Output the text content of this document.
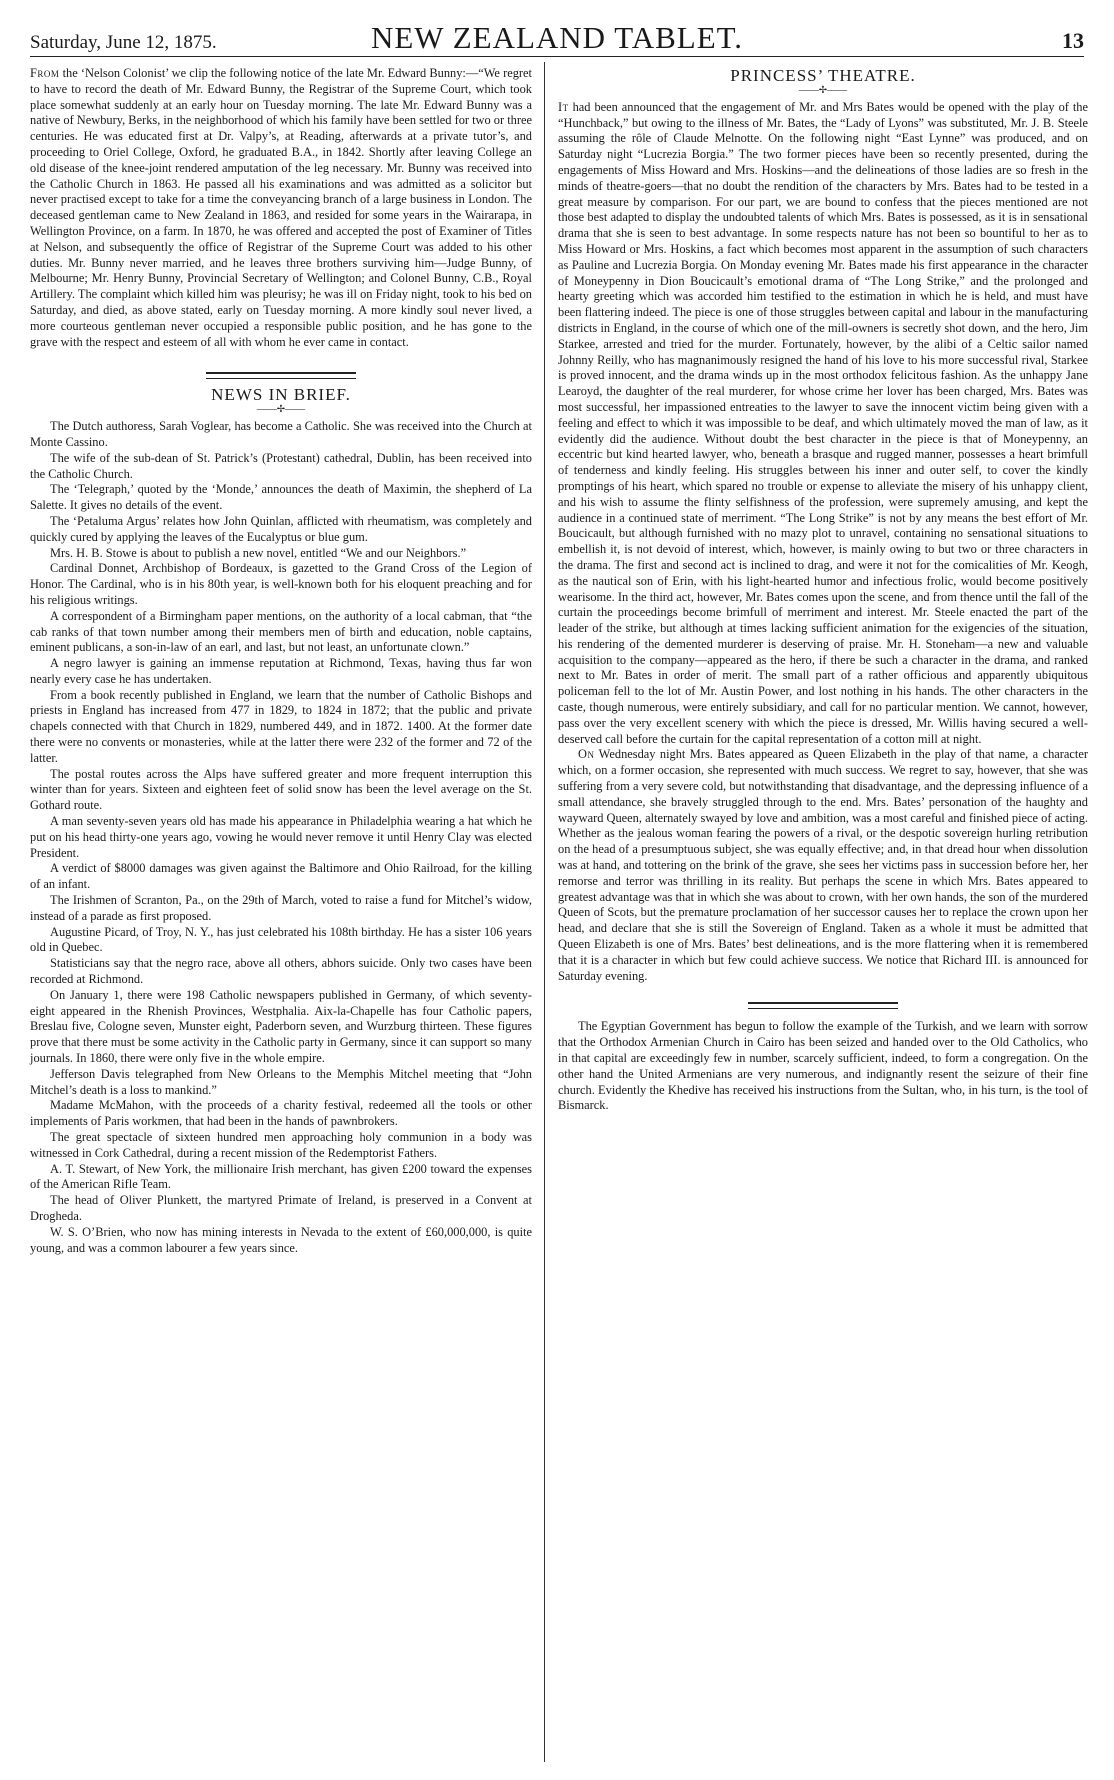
Saturday, June 12, 1875.	NEW ZEALAND TABLET.	13

From the ‘Nelson Colonist’ we clip the following notice of the late Mr. Edward Bunny:—“We regret to have to record the death of Mr. Edward Bunny, the Registrar of the Supreme Court, which took place somewhat suddenly at an early hour on Tuesday morning. The late Mr. Edward Bunny was a native of Newbury, Berks, in the neighborhood of which his family have been settled for two or three centuries. He was educated first at Dr. Valpy’s, at Reading, afterwards at a private tutor’s, and proceeding to Oriel College, Oxford, he graduated B.A., in 1842. Shortly after leaving College an old disease of the knee-joint rendered amputation of the leg necessary. Mr. Bunny was received into the Catholic Church in 1863. He passed all his examinations and was admitted as a solicitor but never practised except to take for a time the conveyancing branch of a large business in London. The deceased gentleman came to New Zealand in 1863, and resided for some years in the Wairarapa, in Wellington Province, on a farm. In 1870, he was offered and accepted the post of Examiner of Titles at Nelson, and subsequently the office of Registrar of the Supreme Court was added to his other duties. Mr. Bunny never married, and he leaves three brothers surviving him—Judge Bunny, of Melbourne; Mr. Henry Bunny, Provincial Secretary of Wellington; and Colonel Bunny, C.B., Royal Artillery. The complaint which killed him was pleurisy; he was ill on Friday night, took to his bed on Saturday, and died, as above stated, early on Tuesday morning. A more kindly soul never lived, a more courteous gentleman never occupied a responsible public position, and he has gone to the grave with the respect and esteem of all with whom he ever came in contact.

NEWS IN BRIEF.
——✢——

The Dutch authoress, Sarah Voglear, has become a Catholic. She was received into the Church at Monte Cassino.

The wife of the sub-dean of St. Patrick’s (Protestant) cathedral, Dublin, has been received into the Catholic Church.

The ‘Telegraph,’ quoted by the ‘Monde,’ announces the death of Maximin, the shepherd of La Salette. It gives no details of the event.

The ‘Petaluma Argus’ relates how John Quinlan, afflicted with rheumatism, was completely and quickly cured by applying the leaves of the Eucalyptus or blue gum.

Mrs. H. B. Stowe is about to publish a new novel, entitled “We and our Neighbors.”

Cardinal Donnet, Archbishop of Bordeaux, is gazetted to the Grand Cross of the Legion of Honor. The Cardinal, who is in his 80th year, is well-known both for his eloquent preaching and for his religious writings.

A correspondent of a Birmingham paper mentions, on the authority of a local cabman, that “the cab ranks of that town number among their members men of birth and education, noble captains, eminent publicans, a son-in-law of an earl, and last, but not least, an unfortunate clown.”

A negro lawyer is gaining an immense reputation at Richmond, Texas, having thus far won nearly every case he has undertaken.

From a book recently published in England, we learn that the number of Catholic Bishops and priests in England has increased from 477 in 1829, to 1824 in 1872; that the public and private chapels connected with that Church in 1829, numbered 449, and in 1872. 1400. At the former date there were no convents or monasteries, while at the latter there were 232 of the former and 72 of the latter.

The postal routes across the Alps have suffered greater and more frequent interruption this winter than for years. Sixteen and eighteen feet of solid snow has been the level average on the St. Gothard route.

A man seventy-seven years old has made his appearance in Philadelphia wearing a hat which he put on his head thirty-one years ago, vowing he would never remove it until Henry Clay was elected President.

A verdict of $8000 damages was given against the Baltimore and Ohio Railroad, for the killing of an infant.

The Irishmen of Scranton, Pa., on the 29th of March, voted to raise a fund for Mitchel’s widow, instead of a parade as first proposed.

Augustine Picard, of Troy, N. Y., has just celebrated his 108th birthday. He has a sister 106 years old in Quebec.

Statisticians say that the negro race, above all others, abhors suicide. Only two cases have been recorded at Richmond.

On January 1, there were 198 Catholic newspapers published in Germany, of which seventy-eight appeared in the Rhenish Provinces, Westphalia. Aix-la-Chapelle has four Catholic papers, Breslau five, Cologne seven, Munster eight, Paderborn seven, and Wurzburg thirteen. These figures prove that there must be some activity in the Catholic party in Germany, since it can support so many journals. In 1860, there were only five in the whole empire.

Jefferson Davis telegraphed from New Orleans to the Memphis Mitchel meeting that “John Mitchel’s death is a loss to mankind.”

Madame McMahon, with the proceeds of a charity festival, redeemed all the tools or other implements of Paris workmen, that had been in the hands of pawnbrokers.

The great spectacle of sixteen hundred men approaching holy communion in a body was witnessed in Cork Cathedral, during a recent mission of the Redemptorist Fathers.

A. T. Stewart, of New York, the millionaire Irish merchant, has given £200 toward the expenses of the American Rifle Team.

The head of Oliver Plunkett, the martyred Primate of Ireland, is preserved in a Convent at Drogheda.

W. S. O’Brien, who now has mining interests in Nevada to the extent of £60,000,000, is quite young, and was a common labourer a few years since.

PRINCESS’ THEATRE.
——✢——

It had been announced that the engagement of Mr. and Mrs Bates would be opened with the play of the “Hunchback,” but owing to the illness of Mr. Bates, the “Lady of Lyons” was substituted, Mr. J. B. Steele assuming the rôle of Claude Melnotte. On the following night “East Lynne” was produced, and on Saturday night “Lucrezia Borgia.” The two former pieces have been so recently presented, during the engagements of Miss Howard and Mrs. Hoskins—and the delineations of those ladies are so fresh in the minds of theatre-goers—that no doubt the rendition of the characters by Mrs. Bates had to be tested in a great measure by comparison. For our part, we are bound to confess that the pieces mentioned are not those best adapted to display the undoubted talents of which Mrs. Bates is possessed, as it is in sensational drama that she is seen to best advantage. In some respects nature has not been so bountiful to her as to Miss Howard or Mrs. Hoskins, a fact which becomes most apparent in the assumption of such characters as Pauline and Lucrezia Borgia. On Monday evening Mr. Bates made his first appearance in the character of Moneypenny in Dion Boucicault’s emotional drama of “The Long Strike,” and the prolonged and hearty greeting which was accorded him testified to the estimation in which he is held, and must have been flattering indeed. The piece is one of those struggles between capital and labour in the manufacturing districts in England, in the course of which one of the mill-owners is secretly shot down, and the hero, Jim Starkee, arrested and tried for the murder. Fortunately, however, by the alibi of a Celtic sailor named Johnny Reilly, who has magnanimously resigned the hand of his love to his more successful rival, Starkee is proved innocent, and the drama winds up in the most orthodox felicitous fashion. As the unhappy Jane Learoyd, the daughter of the real murderer, for whose crime her lover has been charged, Mrs. Bates was most successful, her impassioned entreaties to the lawyer to save the innocent victim being given with a feeling and effect to which it was impossible to be deaf, and which ultimately moved the man of law, as it evidently did the audience. Without doubt the best character in the piece is that of Moneypenny, an eccentric but kind hearted lawyer, who, beneath a brasque and rugged manner, possesses a heart brimfull of tenderness and kindly feeling. His struggles between his inner and outer self, to cover the kindly promptings of his heart, which spared no trouble or expense to alleviate the misery of his unhappy client, and his wish to assume the flinty selfishness of the profession, were supremely amusing, and kept the audience in a continued state of merriment. “The Long Strike” is not by any means the best effort of Mr. Boucicault, but although furnished with no mazy plot to unravel, containing no sensational situations to embellish it, is not devoid of interest, which, however, is mainly owing to but two or three characters in the drama. The first and second act is inclined to drag, and were it not for the comicalities of Mr. Keogh, as the nautical son of Erin, with his light-hearted humor and infectious frolic, would become positively wearisome. In the third act, however, Mr. Bates comes upon the scene, and from thence until the fall of the curtain the proceedings become brimfull of merriment and interest. Mr. Steele enacted the part of the leader of the strike, but although at times lacking sufficient animation for the exigencies of the situation, his rendering of the demented murderer is deserving of praise. Mr. H. Stoneham—a new and valuable acquisition to the company—appeared as the hero, if there be such a character in the drama, and ranked next to Mr. Bates in order of merit. The small part of a rather officious and apparently ubiquitous policeman fell to the lot of Mr. Austin Power, and lost nothing in his hands. The other characters in the caste, though numerous, were entirely subsidiary, and call for no particular mention. We cannot, however, pass over the very excellent scenery with which the piece is dressed, Mr. Willis having secured a well-deserved call before the curtain for the capital representation of a cotton mill at night.

On Wednesday night Mrs. Bates appeared as Queen Elizabeth in the play of that name, a character which, on a former occasion, she represented with much success. We regret to say, however, that she was suffering from a very severe cold, but notwithstanding that disadvantage, and the depressing influence of a small attendance, she bravely struggled through to the end. Mrs. Bates’ personation of the haughty and wayward Queen, alternately swayed by love and ambition, was a most careful and finished piece of acting. Whether as the jealous woman fearing the powers of a rival, or the despotic sovereign hurling retribution on the head of a presumptuous subject, she was equally effective; and, in that dread hour when dissolution was at hand, and tottering on the brink of the grave, she sees her victims pass in succession before her, her remorse and terror was thrilling in its reality. But perhaps the scene in which Mrs. Bates appeared to greatest advantage was that in which she was about to crown, with her own hands, the son of the murdered Queen of Scots, but the premature proclamation of her successor causes her to replace the crown upon her head, and declare that she is still the Sovereign of England. Taken as a whole it must be admitted that Queen Elizabeth is one of Mrs. Bates’ best delineations, and is the more flattering when it is remembered that it is a character in which but few could achieve success. We notice that Richard III. is announced for Saturday evening.

The Egyptian Government has begun to follow the example of the Turkish, and we learn with sorrow that the Orthodox Armenian Church in Cairo has been seized and handed over to the Old Catholics, who in that capital are exceedingly few in number, scarcely sufficient, indeed, to form a congregation. On the other hand the United Armenians are very numerous, and indignantly resent the seizure of their fine church. Evidently the Khedive has received his instructions from the Sultan, who, in his turn, is the tool of Bismarck.
